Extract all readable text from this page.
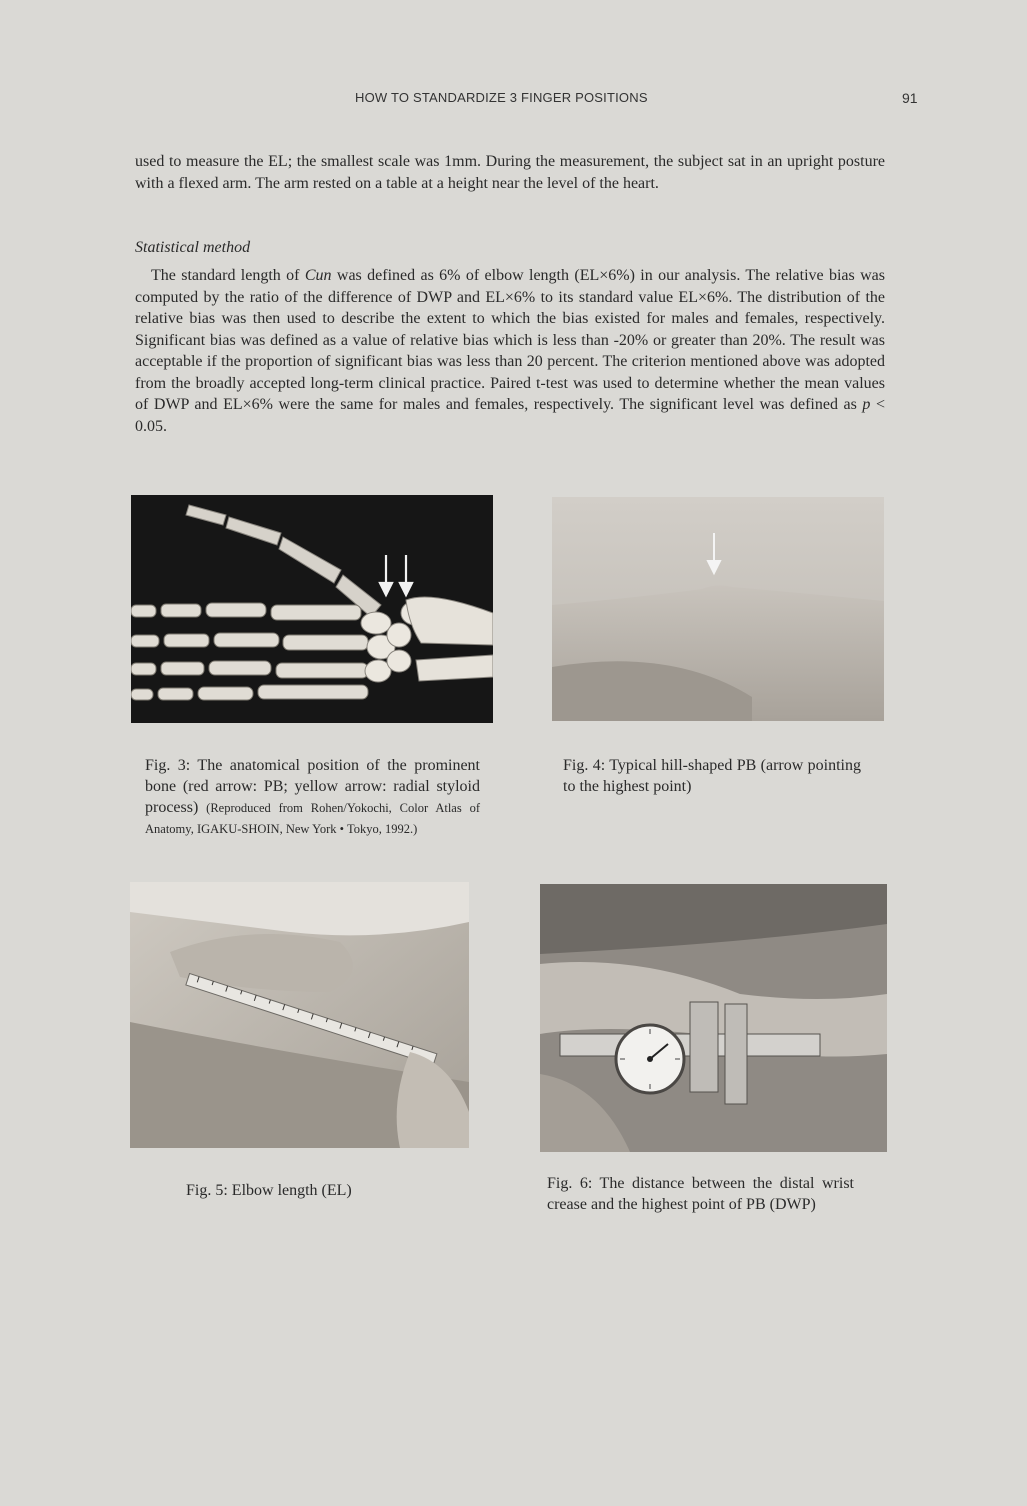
HOW TO STANDARDIZE 3 FINGER POSITIONS	91
used to measure the EL; the smallest scale was 1mm. During the measurement, the subject sat in an upright posture with a flexed arm. The arm rested on a table at a height near the level of the heart.
Statistical method
The standard length of Cun was defined as 6% of elbow length (EL×6%) in our analysis. The relative bias was computed by the ratio of the difference of DWP and EL×6% to its standard value EL×6%. The distribution of the relative bias was then used to describe the extent to which the bias existed for males and females, respectively. Significant bias was defined as a value of relative bias which is less than -20% or greater than 20%. The result was acceptable if the proportion of significant bias was less than 20 percent. The criterion mentioned above was adopted from the broadly accepted long-term clinical practice. Paired t-test was used to determine whether the mean values of DWP and EL×6% were the same for males and females, respectively. The significant level was defined as p < 0.05.
Fig. 3: The anatomical position of the prominent bone (red arrow: PB; yellow arrow: radial styloid process) (Reproduced from Rohen/Yokochi, Color Atlas of Anatomy, IGAKU-SHOIN, New York • Tokyo, 1992.)
Fig. 4: Typical hill-shaped PB (arrow pointing to the highest point)
Fig. 5: Elbow length (EL)	Fig. 6: The distance between the distal wrist crease and the highest point of PB (DWP)
